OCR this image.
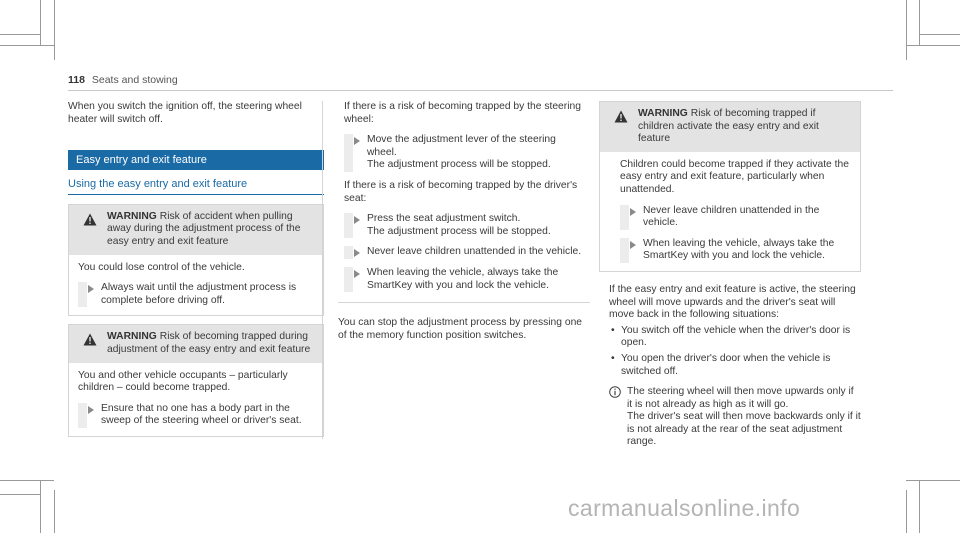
118 Seats and stowing

When you switch the ignition off, the steering wheel heater will switch off.

Easy entry and exit feature
Using the easy entry and exit feature
WARNING Risk of accident when pulling away during the adjustment process of the easy entry and exit feature

You could lose control of the vehicle.

Always wait until the adjustment process is complete before driving off.

WARNING Risk of becoming trapped during adjustment of the easy entry and exit feature

You and other vehicle occupants – particularly children – could become trapped.

Ensure that no one has a body part in the sweep of the steering wheel or driver's seat.

If there is a risk of becoming trapped by the steering wheel:

Move the adjustment lever of the steering wheel.

The adjustment process will be stopped.

If there is a risk of becoming trapped by the driver's seat:

Press the seat adjustment switch.

The adjustment process will be stopped.

Never leave children unattended in the vehicle.

When leaving the vehicle, always take the SmartKey with you and lock the vehicle.

You can stop the adjustment process by pressing one of the memory function position switches.

WARNING Risk of becoming trapped if children activate the easy entry and exit feature

Children could become trapped if they activate the easy entry and exit feature, particularly when unattended.

Never leave children unattended in the vehicle.

When leaving the vehicle, always take the SmartKey with you and lock the vehicle.

If the easy entry and exit feature is active, the steering wheel will move upwards and the driver's seat will move back in the following situations:

• You switch off the vehicle when the driver's door is open.

• You open the driver's door when the vehicle is switched off.

The steering wheel will then move upwards only if it is not already as high as it will go.

The driver's seat will then move backwards only if it is not already at the rear of the seat adjustment range.

carmanualsonline.info
